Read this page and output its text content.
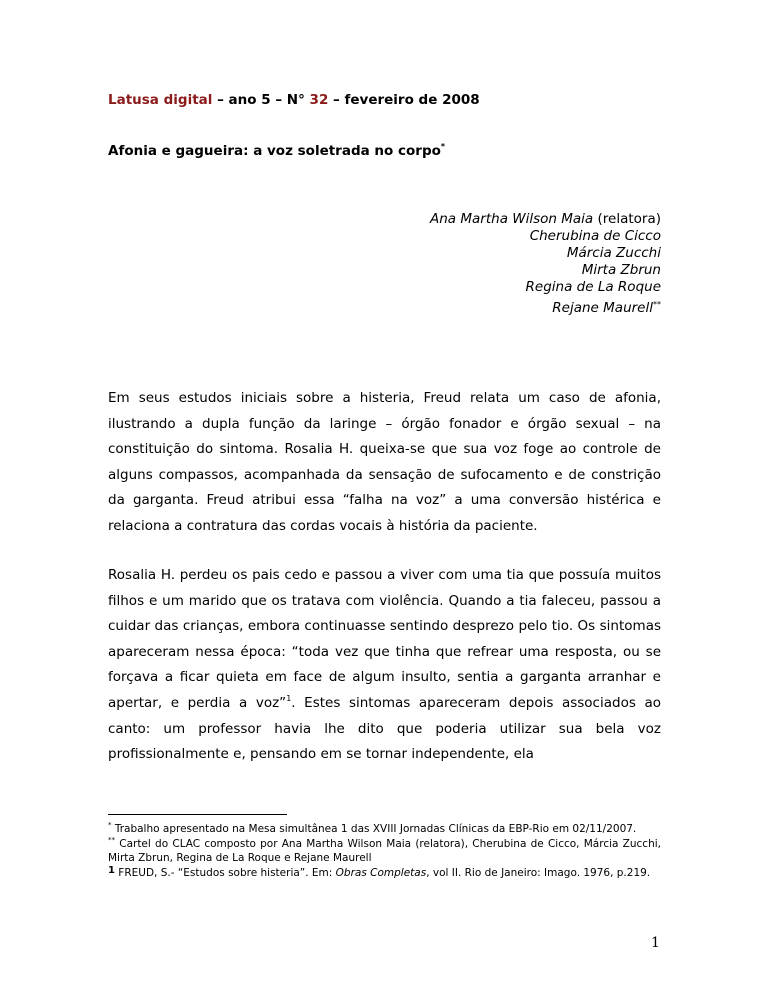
Latusa digital – ano 5 – N° 32 – fevereiro de 2008
Afonia e gagueira: a voz soletrada no corpo*
Ana Martha Wilson Maia (relatora)
Cherubina de Cicco
Márcia Zucchi
Mirta Zbrun
Regina de La Roque
Rejane Maurell**

Em seus estudos iniciais sobre a histeria, Freud relata um caso de afonia, ilustrando a dupla função da laringe – órgão fonador e órgão sexual – na constituição do sintoma. Rosalia H. queixa-se que sua voz foge ao controle de alguns compassos, acompanhada da sensação de sufocamento e de constrição da garganta. Freud atribui essa “falha na voz” a uma conversão histérica e relaciona a contratura das cordas vocais à história da paciente.

Rosalia H. perdeu os pais cedo e passou a viver com uma tia que possuía muitos filhos e um marido que os tratava com violência. Quando a tia faleceu, passou a cuidar das crianças, embora continuasse sentindo desprezo pelo tio. Os sintomas apareceram nessa época: “toda vez que tinha que refrear uma resposta, ou se forçava a ficar quieta em face de algum insulto, sentia a garganta arranhar e apertar, e perdia a voz”$^1$. Estes sintomas apareceram depois associados ao canto: um professor havia lhe dito que poderia utilizar sua bela voz profissionalmente e, pensando em se tornar independente, ela

* Trabalho apresentado na Mesa simultânea 1 das XVIII Jornadas Clínicas da EBP-Rio em 02/11/2007.
** Cartel do CLAC composto por Ana Martha Wilson Maia (relatora), Cherubina de Cicco, Márcia Zucchi, Mirta Zbrun, Regina de La Roque e Rejane Maurell
$^1$ FREUD, S.- “Estudos sobre histeria”. Em: Obras Completas, vol II. Rio de Janeiro: Imago. 1976, p.219.
1
